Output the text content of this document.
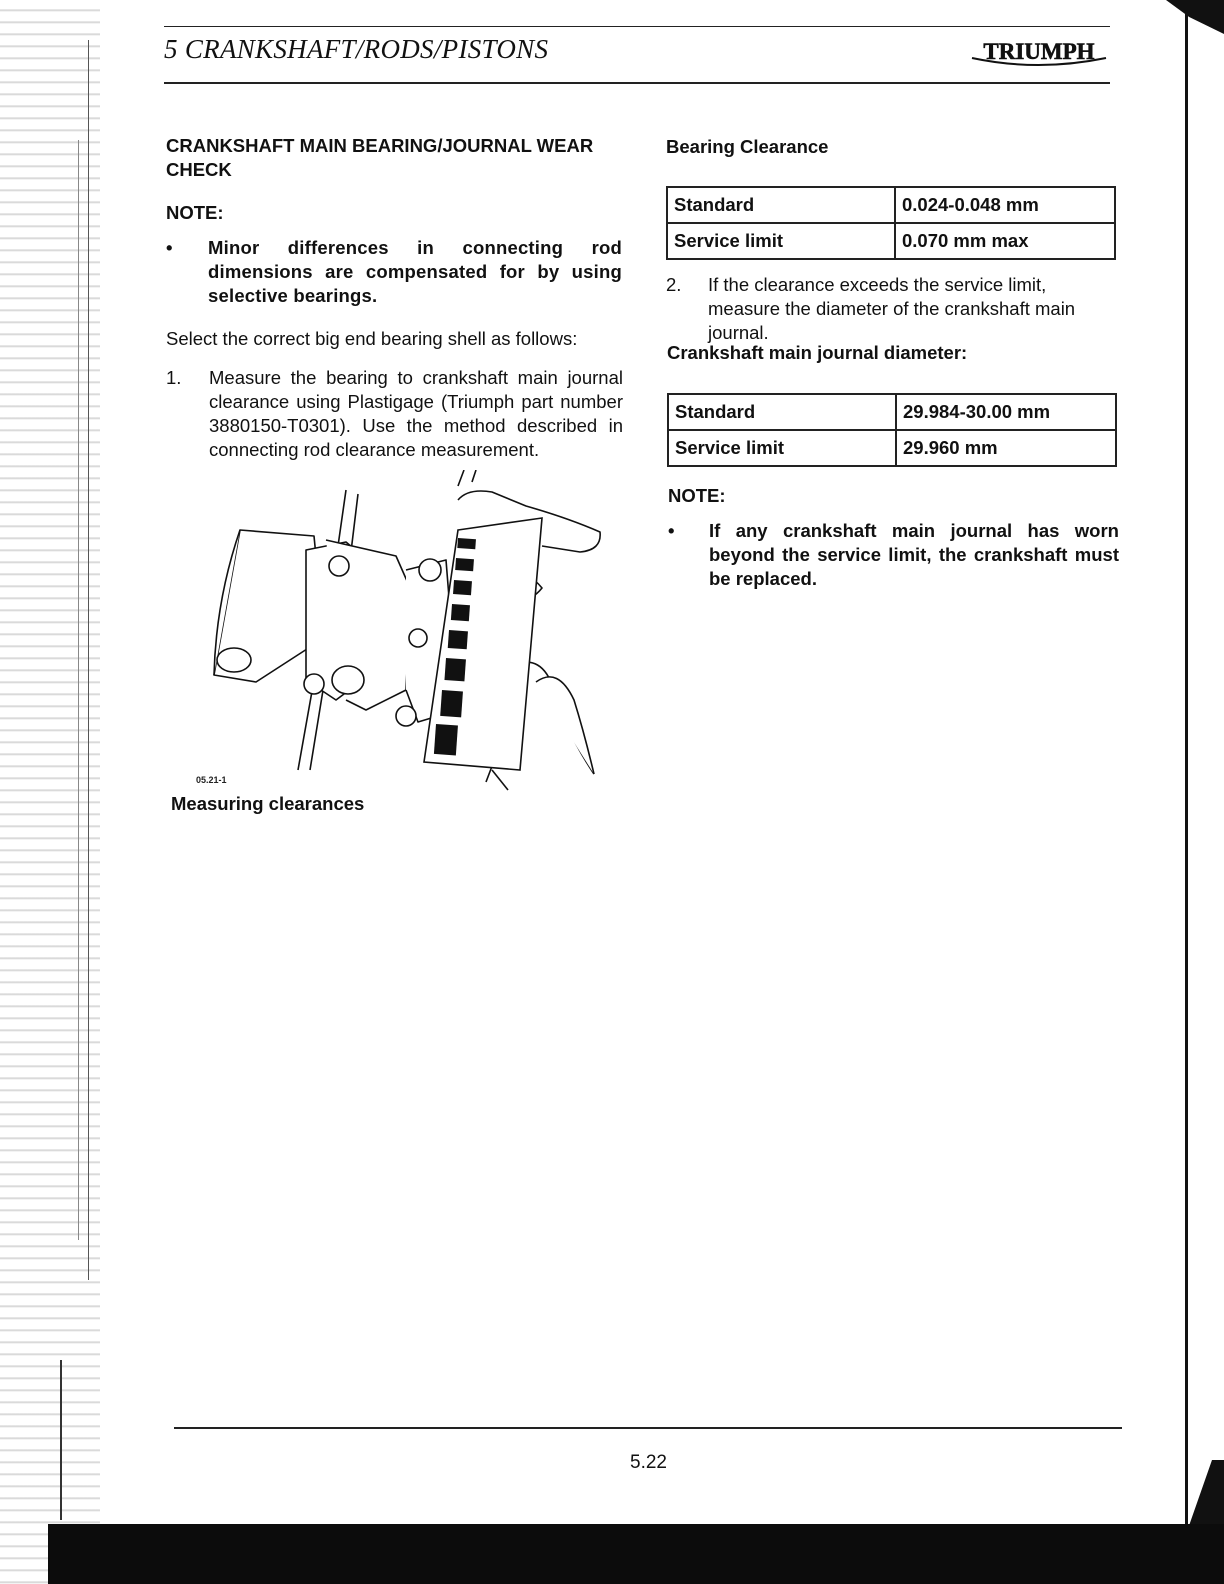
5 CRANKSHAFT/RODS/PISTONS	TRIUMPH
CRANKSHAFT MAIN BEARING/JOURNAL WEAR
CHECK
NOTE:
• Minor differences in connecting rod dimensions are compensated for by using selective bearings.
Select the correct big end bearing shell as follows:
1. Measure the bearing to crankshaft main journal clearance using Plastigage (Triumph part number 3880150-T0301). Use the method described in connecting rod clearance measurement.
05.21-1
Measuring clearances
Bearing Clearance
Standard	0.024-0.048 mm
Service limit	0.070 mm max
2. If the clearance exceeds the service limit, measure the diameter of the crankshaft main journal.
Crankshaft main journal diameter:
Standard	29.984-30.00 mm
Service limit	29.960 mm
NOTE:
• If any crankshaft main journal has worn beyond the service limit, the crankshaft must be replaced.
5.22
